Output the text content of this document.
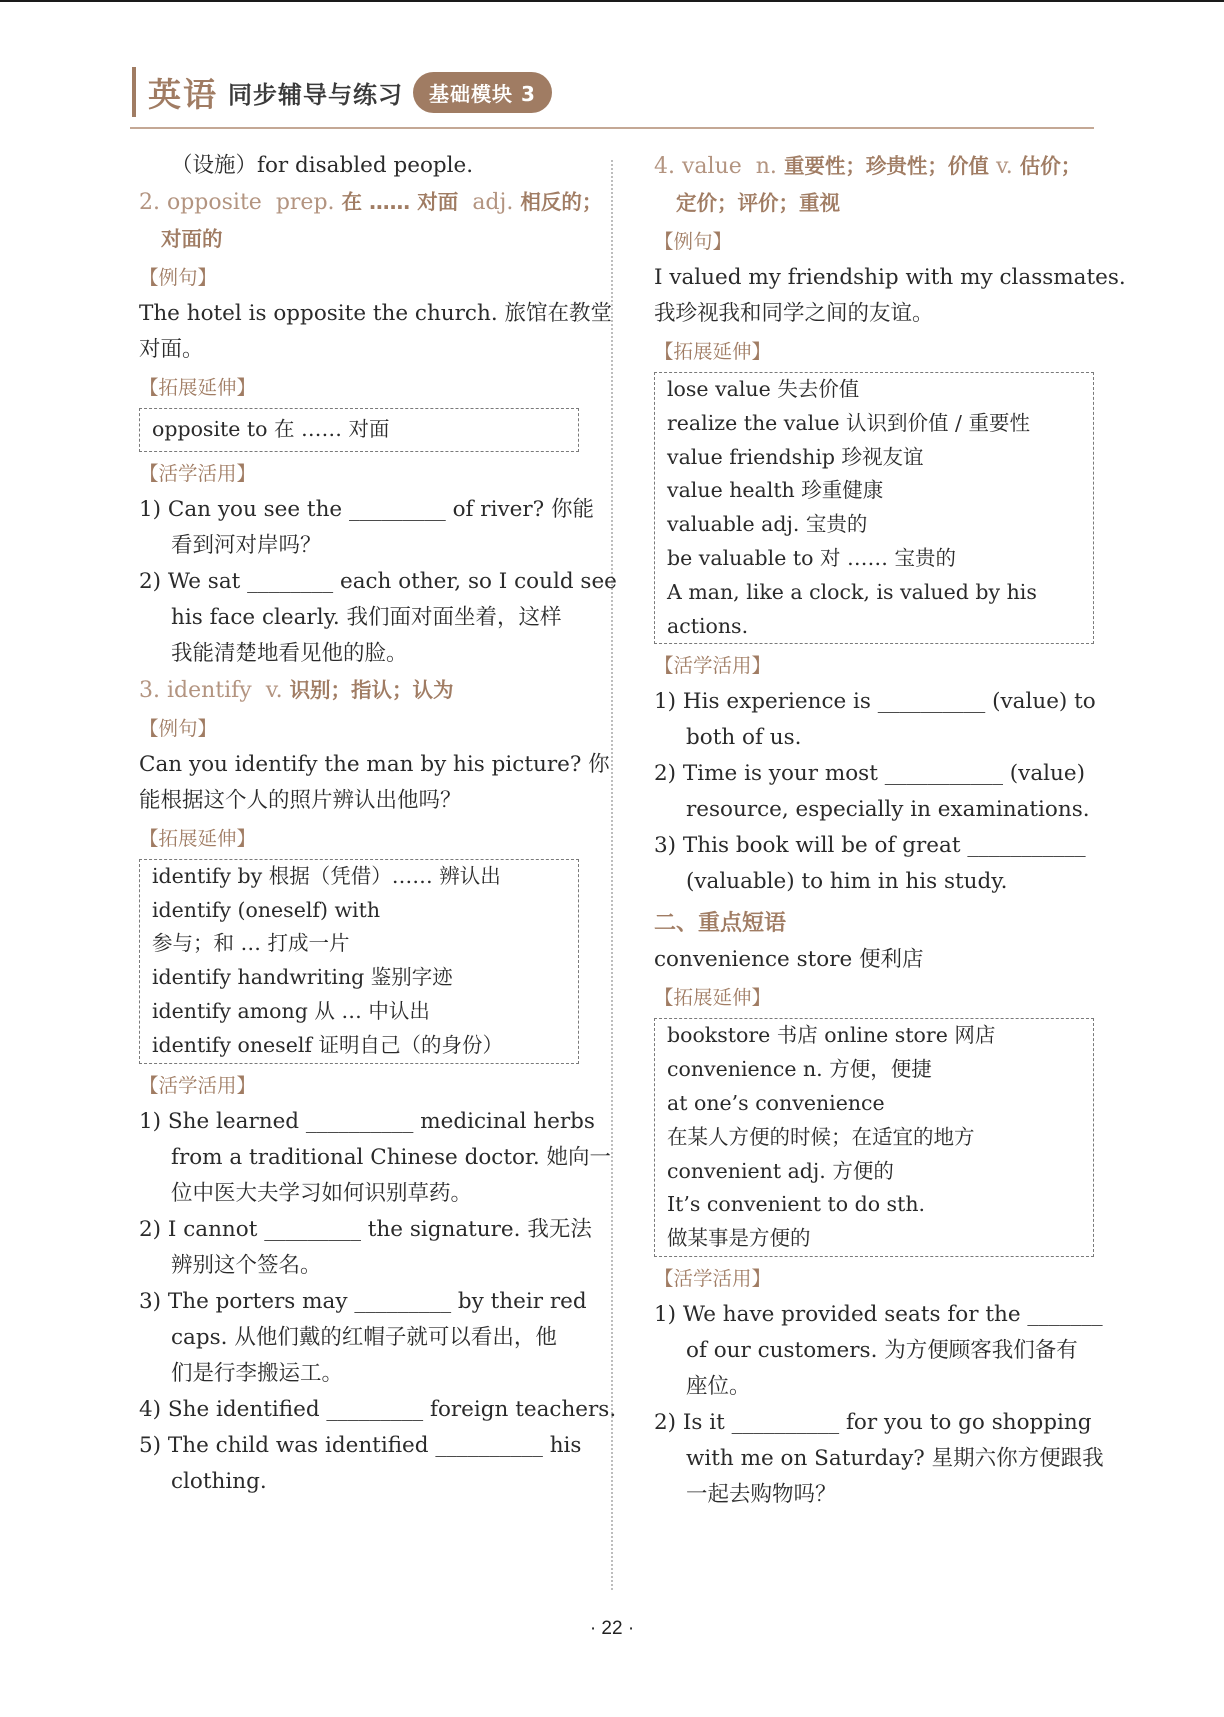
英语 同步辅导与练习	基础模块 3
（设施）for disabled people.
2. opposite prep. 在 …… 对面 adj. 相反的；
对面的
【例句】
The hotel is opposite the church. 旅馆在教堂
对面。
【拓展延伸】
opposite to 在 …… 对面
【活学活用】
1) Can you see the _________ of river? 你能
看到河对岸吗？
2) We sat ________ each other, so I could see
his face clearly. 我们面对面坐着，这样
我能清楚地看见他的脸。
3. identify v. 识别；指认；认为
【例句】
Can you identify the man by his picture? 你
能根据这个人的照片辨认出他吗？
【拓展延伸】
identify by 根据（凭借）…… 辨认出
identify (oneself) with
参与；和 … 打成一片
identify handwriting 鉴别字迹
identify among 从 … 中认出
identify oneself 证明自己（的身份）
【活学活用】
1) She learned __________ medicinal herbs
from a traditional Chinese doctor. 她向一
位中医大夫学习如何识别草药。
2) I cannot _________ the signature. 我无法
辨别这个签名。
3) The porters may _________ by their red
caps. 从他们戴的红帽子就可以看出，他
们是行李搬运工。
4) She identified _________ foreign teachers.
5) The child was identified __________ his
clothing.
4. value n. 重要性；珍贵性；价值 v. 估价；
定价；评价；重视
【例句】
I valued my friendship with my classmates.
我珍视我和同学之间的友谊。
【拓展延伸】
lose value 失去价值
realize the value 认识到价值 / 重要性
value friendship 珍视友谊
value health 珍重健康
valuable adj. 宝贵的
be valuable to 对 …… 宝贵的
A man, like a clock, is valued by his
actions.
【活学活用】
1) His experience is __________ (value) to
both of us.
2) Time is your most ___________ (value)
resource, especially in examinations.
3) This book will be of great ___________
(valuable) to him in his study.
二、重点短语
convenience store 便利店
【拓展延伸】
bookstore 书店 online store 网店
convenience n. 方便，便捷
at one’s convenience
在某人方便的时候；在适宜的地方
convenient adj. 方便的
It’s convenient to do sth.
做某事是方便的
【活学活用】
1) We have provided seats for the _______
of our customers. 为方便顾客我们备有
座位。
2) Is it __________ for you to go shopping
with me on Saturday? 星期六你方便跟我
一起去购物吗？
· 22 ·
